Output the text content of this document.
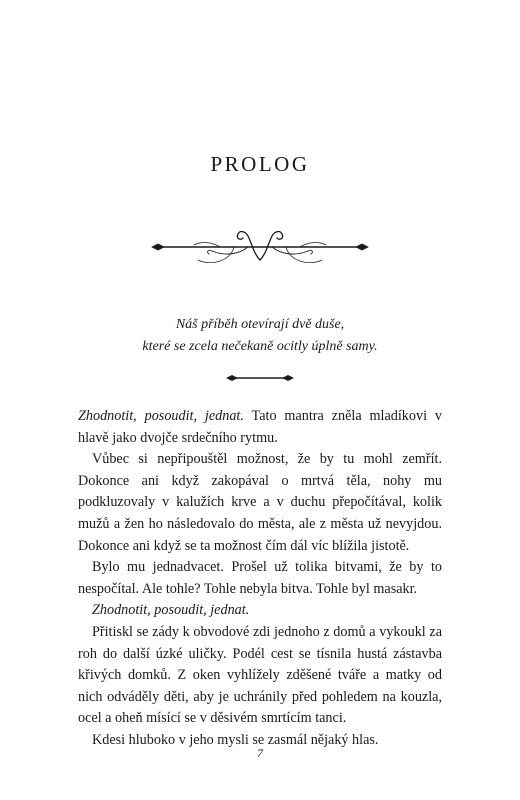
PROLOG
Náš příběh otevírají dvě duše,
které se zcela nečekaně ocitly úplně samy.

Zhodnotit, posoudit, jednat. Tato mantra zněla mladíkovi v hlavě jako dvojče srdečního rytmu.

Vůbec si nepřipouštěl možnost, že by tu mohl zemřít. Dokonce ani když zakopával o mrtvá těla, nohy mu podkluzovaly v kalužích krve a v duchu přepočítával, kolik mužů a žen ho následovalo do města, ale z města už nevyjdou. Dokonce ani když se ta možnost čím dál víc blížila jistotě.

Bylo mu jednadvacet. Prošel už tolika bitvami, že by to nespočítal. Ale tohle? Tohle nebyla bitva. Tohle byl masakr.

Zhodnotit, posoudit, jednat.

Přitiskl se zády k obvodové zdi jednoho z domů a vykoukl za roh do další úzké uličky. Podél cest se tísnila hustá zástavba křivých domků. Z oken vyhlížely zděšené tváře a matky od nich odváděly děti, aby je uchránily před pohledem na kouzla, ocel a oheň mísící se v děsivém smrtícím tanci.

Kdesi hluboko v jeho mysli se zasmál nějaký hlas.

7
